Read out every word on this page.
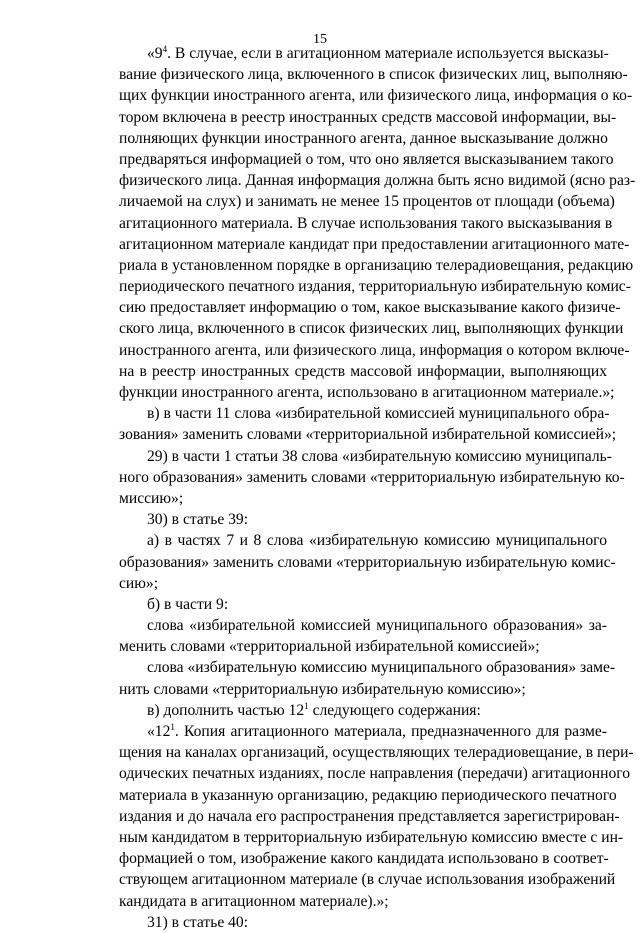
15
«$9^4$. В случае, если в агитационном материале используется высказы-
вание физического лица, включенного в список физических лиц, выполняю-
щих функции иностранного агента, или физического лица, информация о ко-
тором включена в реестр иностранных средств массовой информации, вы-
полняющих функции иностранного агента, данное высказывание должно
предваряться информацией о том, что оно является высказыванием такого
физического лица. Данная информация должна быть ясно видимой (ясно раз-
личаемой на слух) и занимать не менее 15 процентов от площади (объема)
агитационного материала. В случае использования такого высказывания в
агитационном материале кандидат при предоставлении агитационного мате-
риала в установленном порядке в организацию телерадиовещания, редакцию
периодического печатного издания, территориальную избирательную комис-
сию предоставляет информацию о том, какое высказывание какого физиче-
ского лица, включенного в список физических лиц, выполняющих функции
иностранного агента, или физического лица, информация о котором включе-
на в реестр иностранных средств массовой информации, выполняющих
функции иностранного агента, использовано в агитационном материале.»;
в) в части 11 слова «избирательной комиссией муниципального обра-
зования» заменить словами «территориальной избирательной комиссией»;
29) в части 1 статьи 38 слова «избирательную комиссию муниципаль-
ного образования» заменить словами «территориальную избирательную ко-
миссию»;
30) в статье 39:
а) в частях 7 и 8 слова «избирательную комиссию муниципального
образования» заменить словами «территориальную избирательную комис-
сию»;
б) в части 9:
слова «избирательной комиссией муниципального образования» за-
менить словами «территориальной избирательной комиссией»;
слова «избирательную комиссию муниципального образования» заме-
нить словами «территориальную избирательную комиссию»;
в) дополнить частью $12^1$ следующего содержания:
«$12^1$. Копия агитационного материала, предназначенного для разме-
щения на каналах организаций, осуществляющих телерадиовещание, в пери-
одических печатных изданиях, после направления (передачи) агитационного
материала в указанную организацию, редакцию периодического печатного
издания и до начала его распространения представляется зарегистрирован-
ным кандидатом в территориальную избирательную комиссию вместе с ин-
формацией о том, изображение какого кандидата использовано в соответ-
ствующем агитационном материале (в случае использования изображений
кандидата в агитационном материале).»;
31) в статье 40:
